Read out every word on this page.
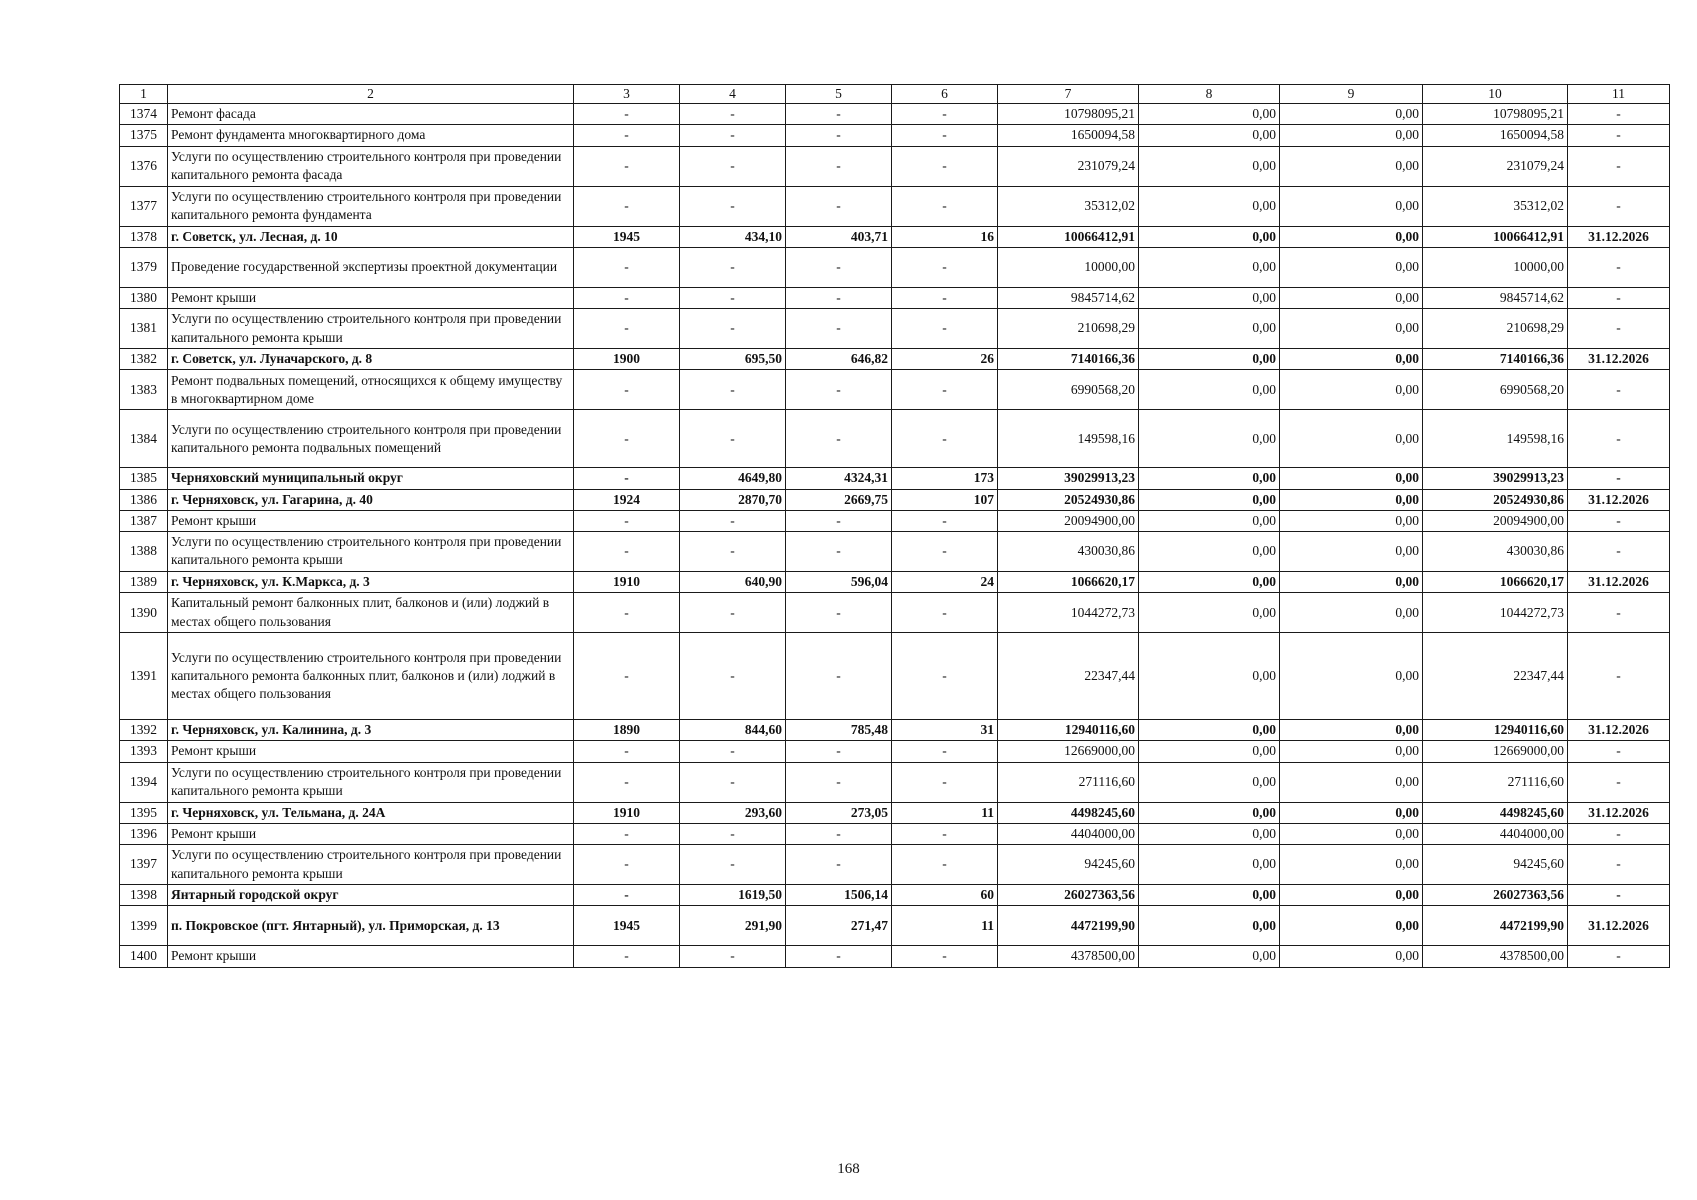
1	2	3	4	5	6	7	8	9	10	11
1374	Ремонт фасада	-	-	-	-	10798095,21	0,00	0,00	10798095,21	-
1375	Ремонт фундамента многоквартирного дома	-	-	-	-	1650094,58	0,00	0,00	1650094,58	-
1376	Услуги по осуществлению строительного контроля при проведении капитального ремонта фасада	-	-	-	-	231079,24	0,00	0,00	231079,24	-
1377	Услуги по осуществлению строительного контроля при проведении капитального ремонта фундамента	-	-	-	-	35312,02	0,00	0,00	35312,02	-
1378	г. Советск, ул. Лесная, д. 10	1945	434,10	403,71	16	10066412,91	0,00	0,00	10066412,91	31.12.2026
1379	Проведение государственной экспертизы проектной документации	-	-	-	-	10000,00	0,00	0,00	10000,00	-
1380	Ремонт крыши	-	-	-	-	9845714,62	0,00	0,00	9845714,62	-
1381	Услуги по осуществлению строительного контроля при проведении капитального ремонта крыши	-	-	-	-	210698,29	0,00	0,00	210698,29	-
1382	г. Советск, ул. Луначарского, д. 8	1900	695,50	646,82	26	7140166,36	0,00	0,00	7140166,36	31.12.2026
1383	Ремонт подвальных помещений, относящихся к общему имуществу в многоквартирном доме	-	-	-	-	6990568,20	0,00	0,00	6990568,20	-
1384	Услуги по осуществлению строительного контроля при проведении капитального ремонта подвальных помещений	-	-	-	-	149598,16	0,00	0,00	149598,16	-
1385	Черняховский муниципальный округ	-	4649,80	4324,31	173	39029913,23	0,00	0,00	39029913,23	-
1386	г. Черняховск, ул. Гагарина, д. 40	1924	2870,70	2669,75	107	20524930,86	0,00	0,00	20524930,86	31.12.2026
1387	Ремонт крыши	-	-	-	-	20094900,00	0,00	0,00	20094900,00	-
1388	Услуги по осуществлению строительного контроля при проведении капитального ремонта крыши	-	-	-	-	430030,86	0,00	0,00	430030,86	-
1389	г. Черняховск, ул. К.Маркса, д. 3	1910	640,90	596,04	24	1066620,17	0,00	0,00	1066620,17	31.12.2026
1390	Капитальный ремонт балконных плит, балконов и (или) лоджий в местах общего пользования	-	-	-	-	1044272,73	0,00	0,00	1044272,73	-
1391	Услуги по осуществлению строительного контроля при проведении капитального ремонта балконных плит, балконов и (или) лоджий в местах общего пользования	-	-	-	-	22347,44	0,00	0,00	22347,44	-
1392	г. Черняховск, ул. Калинина, д. 3	1890	844,60	785,48	31	12940116,60	0,00	0,00	12940116,60	31.12.2026
1393	Ремонт крыши	-	-	-	-	12669000,00	0,00	0,00	12669000,00	-
1394	Услуги по осуществлению строительного контроля при проведении капитального ремонта крыши	-	-	-	-	271116,60	0,00	0,00	271116,60	-
1395	г. Черняховск, ул. Тельмана, д. 24А	1910	293,60	273,05	11	4498245,60	0,00	0,00	4498245,60	31.12.2026
1396	Ремонт крыши	-	-	-	-	4404000,00	0,00	0,00	4404000,00	-
1397	Услуги по осуществлению строительного контроля при проведении капитального ремонта крыши	-	-	-	-	94245,60	0,00	0,00	94245,60	-
1398	Янтарный городской округ	-	1619,50	1506,14	60	26027363,56	0,00	0,00	26027363,56	-
1399	п. Покровское (пгт. Янтарный), ул. Приморская, д. 13	1945	291,90	271,47	11	4472199,90	0,00	0,00	4472199,90	31.12.2026
1400	Ремонт крыши	-	-	-	-	4378500,00	0,00	0,00	4378500,00	-
168
